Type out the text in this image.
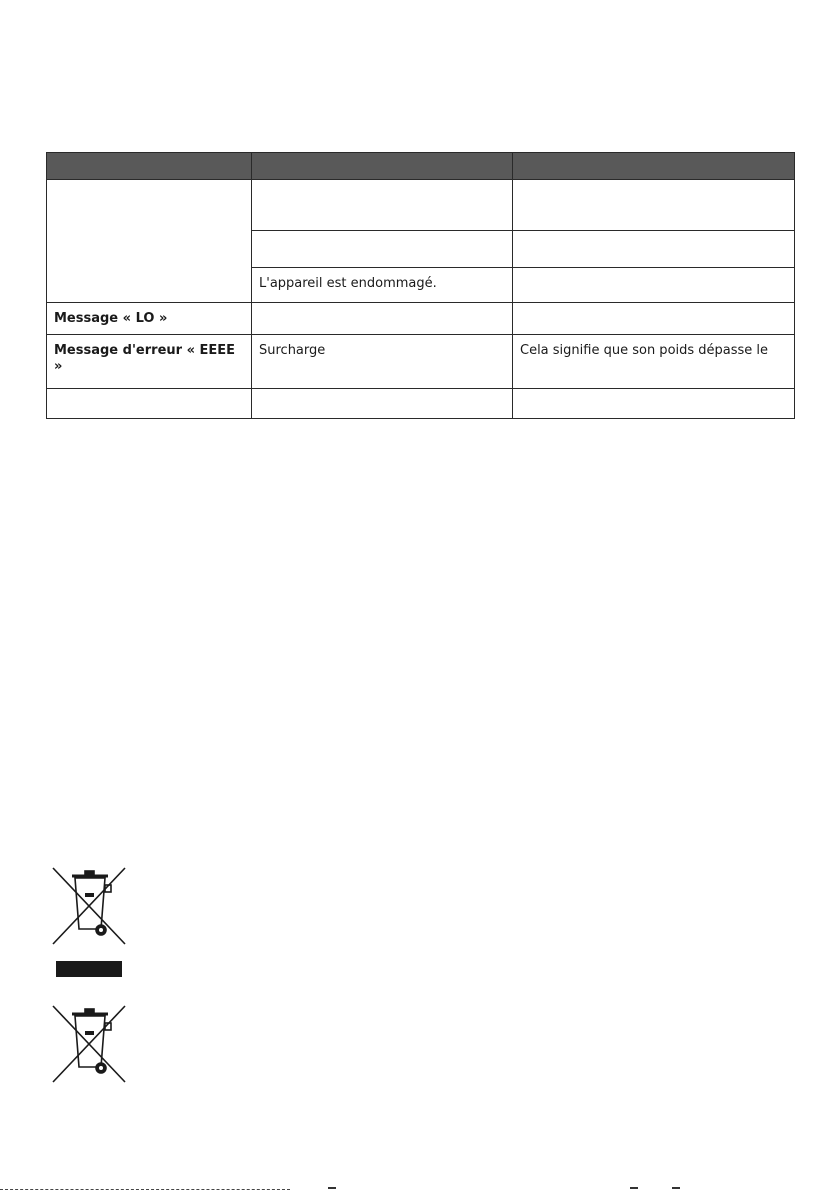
	L'appareil est endommagé.	
Message « LO »		
Message d'erreur « EEEE »	Surcharge	Cela signifie que son poids dépasse le
